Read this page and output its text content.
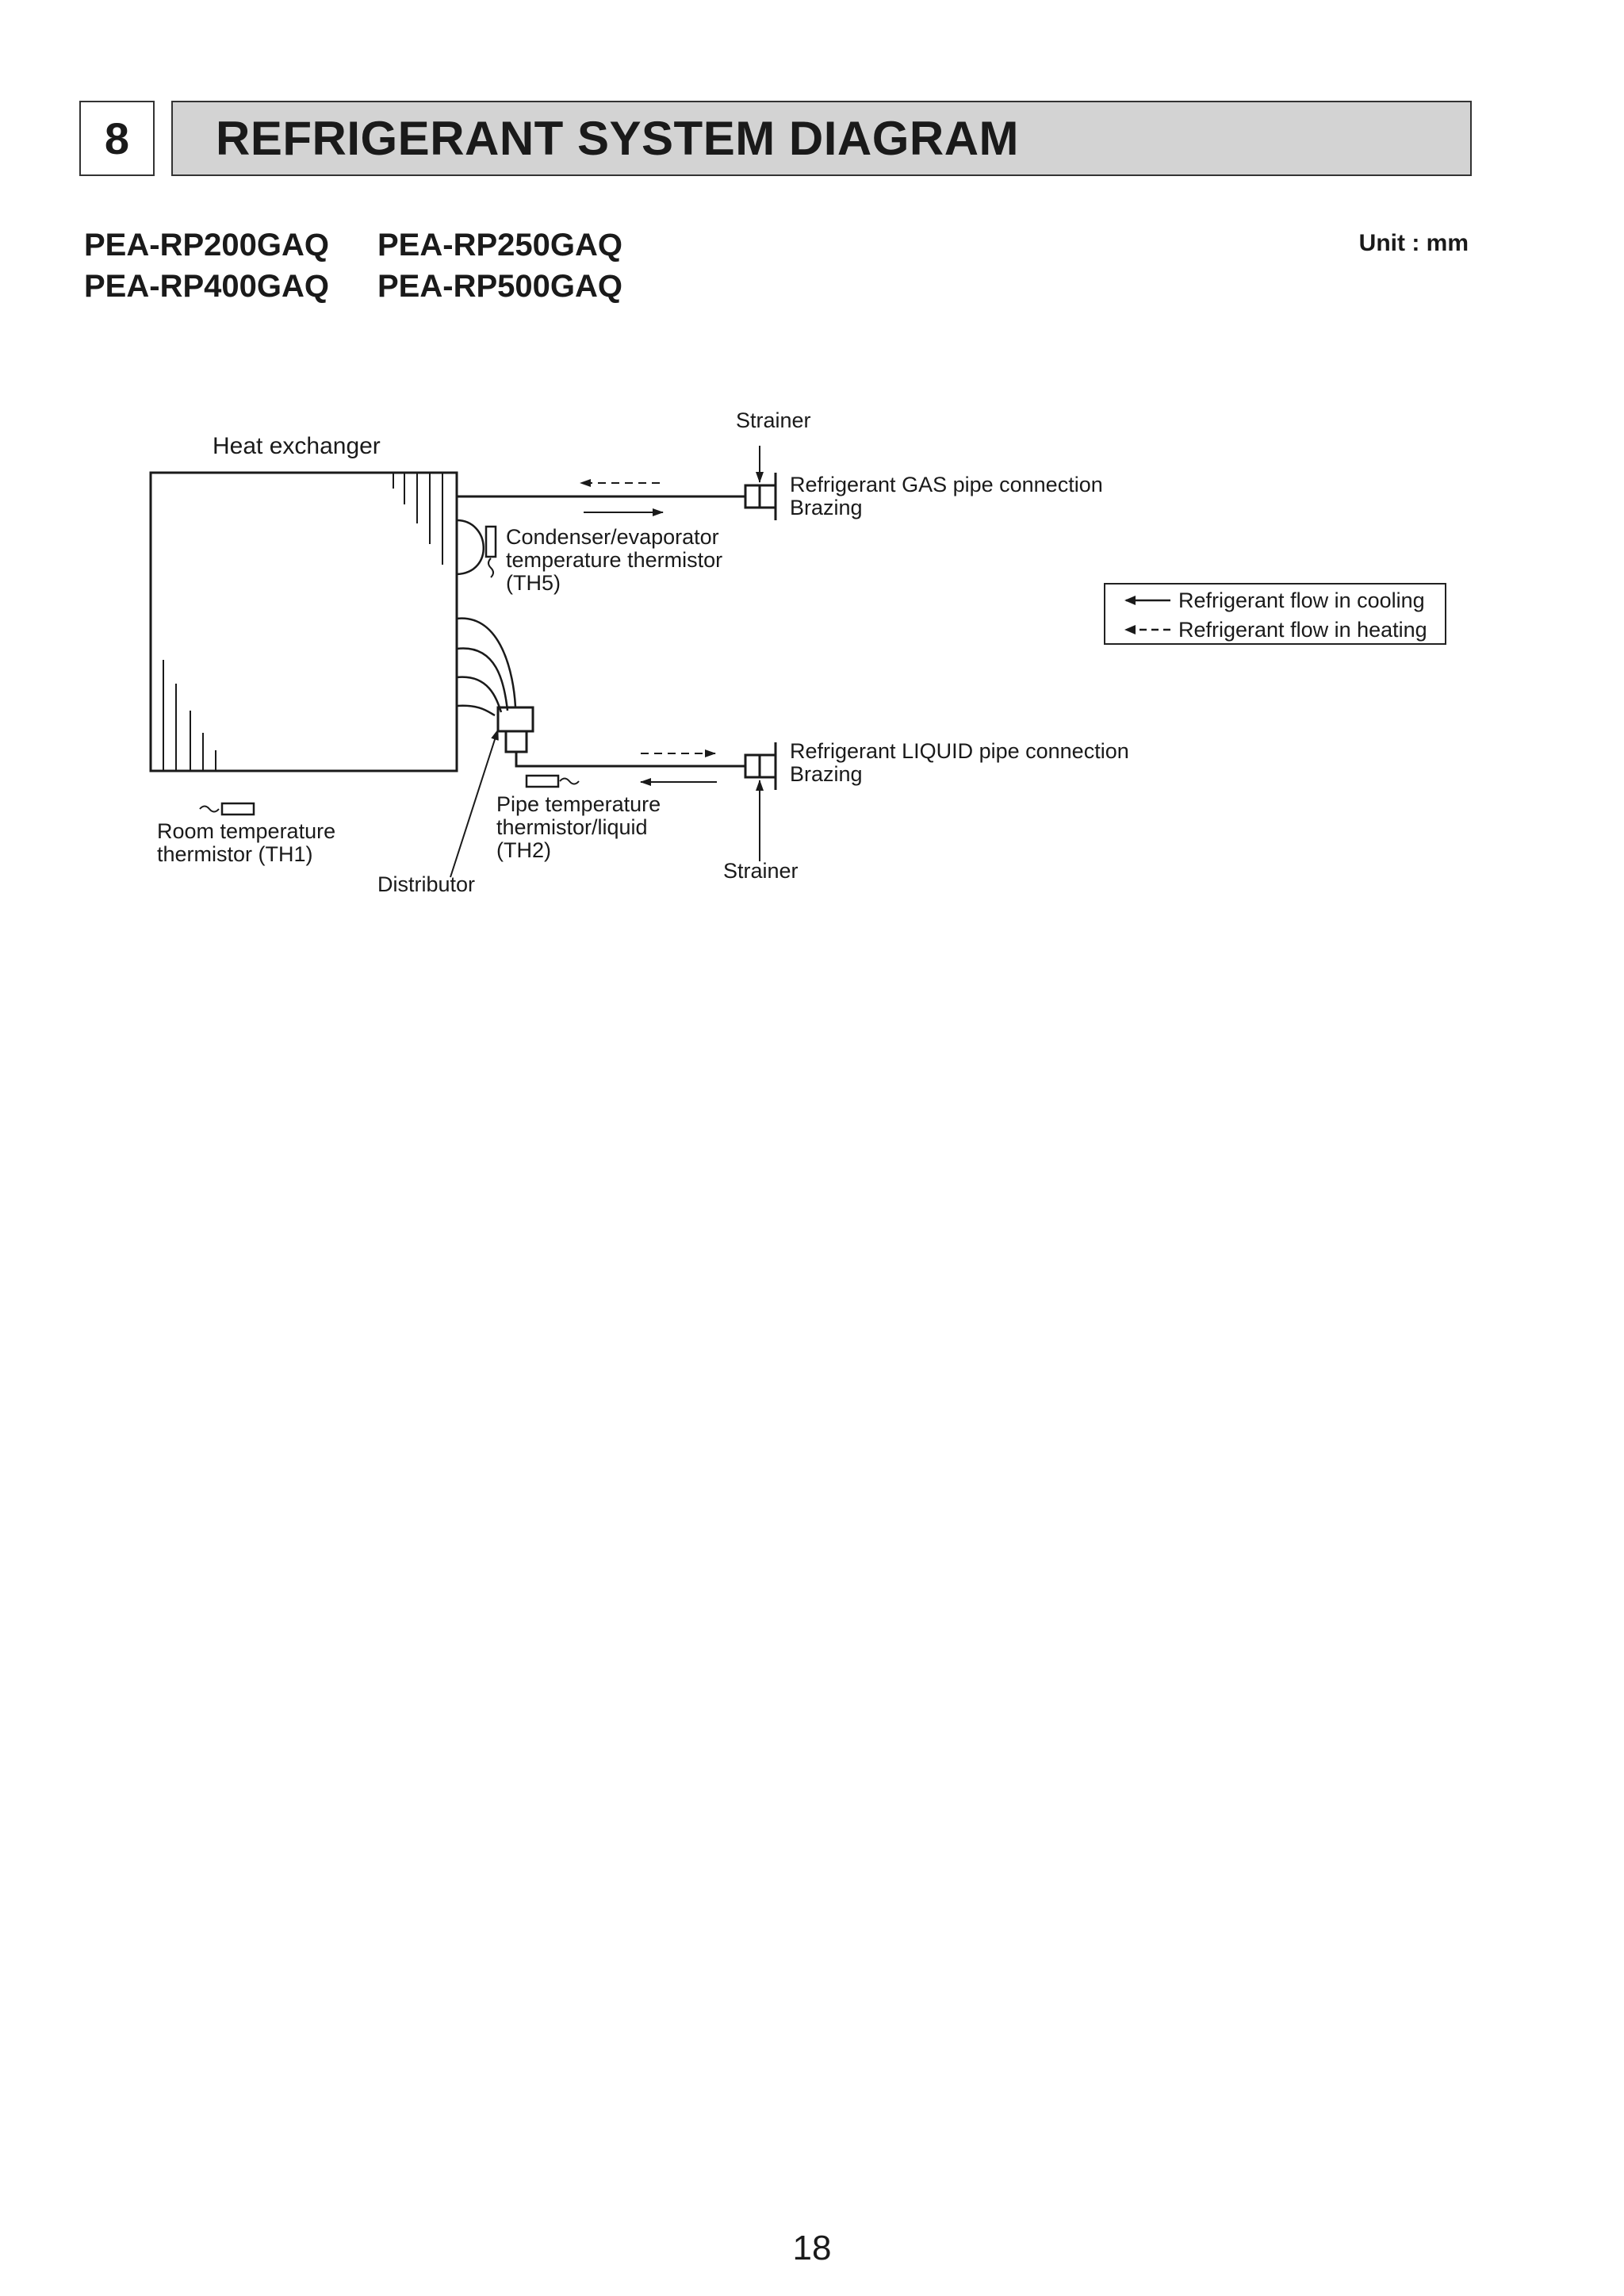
8	REFRIGERANT SYSTEM DIAGRAM
PEA-RP200GAQ	PEA-RP250GAQ
PEA-RP400GAQ	PEA-RP500GAQ
Unit : mm
Heat exchanger
Strainer
Refrigerant GAS pipe connection
Brazing
Condenser/evaporator
temperature thermistor
(TH5)
Refrigerant LIQUID pipe connection
Brazing
Room temperature
thermistor (TH1)
Pipe temperature
thermistor/liquid
(TH2)
Distributor
Strainer
Refrigerant flow in cooling
Refrigerant flow in heating
18
